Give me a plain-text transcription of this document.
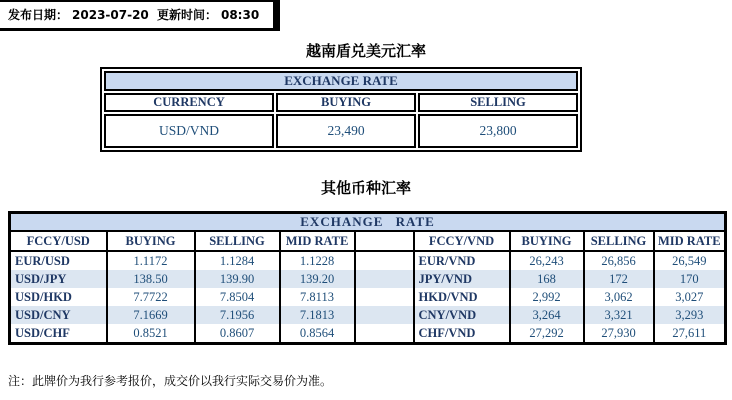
发布日期： 2023-07-20 更新时间： 08:30
越南盾兑美元汇率
EXCHANGE RATE		
CURRENCY	BUYING	SELLING
USD/VND	23,490	23,800
其他币种汇率
EXCHANGE RATE								
FCCY/USD	BUYING	SELLING	MID RATE		FCCY/VND	BUYING	SELLING	MID RATE
EUR/USD	1.1172	1.1284	1.1228		EUR/VND	26,243	26,856	26,549
USD/JPY	138.50	139.90	139.20		JPY/VND	168	172	170
USD/HKD	7.7722	7.8504	7.8113		HKD/VND	2,992	3,062	3,027
USD/CNY	7.1669	7.1956	7.1813		CNY/VND	3,264	3,321	3,293
USD/CHF	0.8521	0.8607	0.8564		CHF/VND	27,292	27,930	27,611
注：此牌价为我行参考报价，成交价以我行实际交易价为准。
